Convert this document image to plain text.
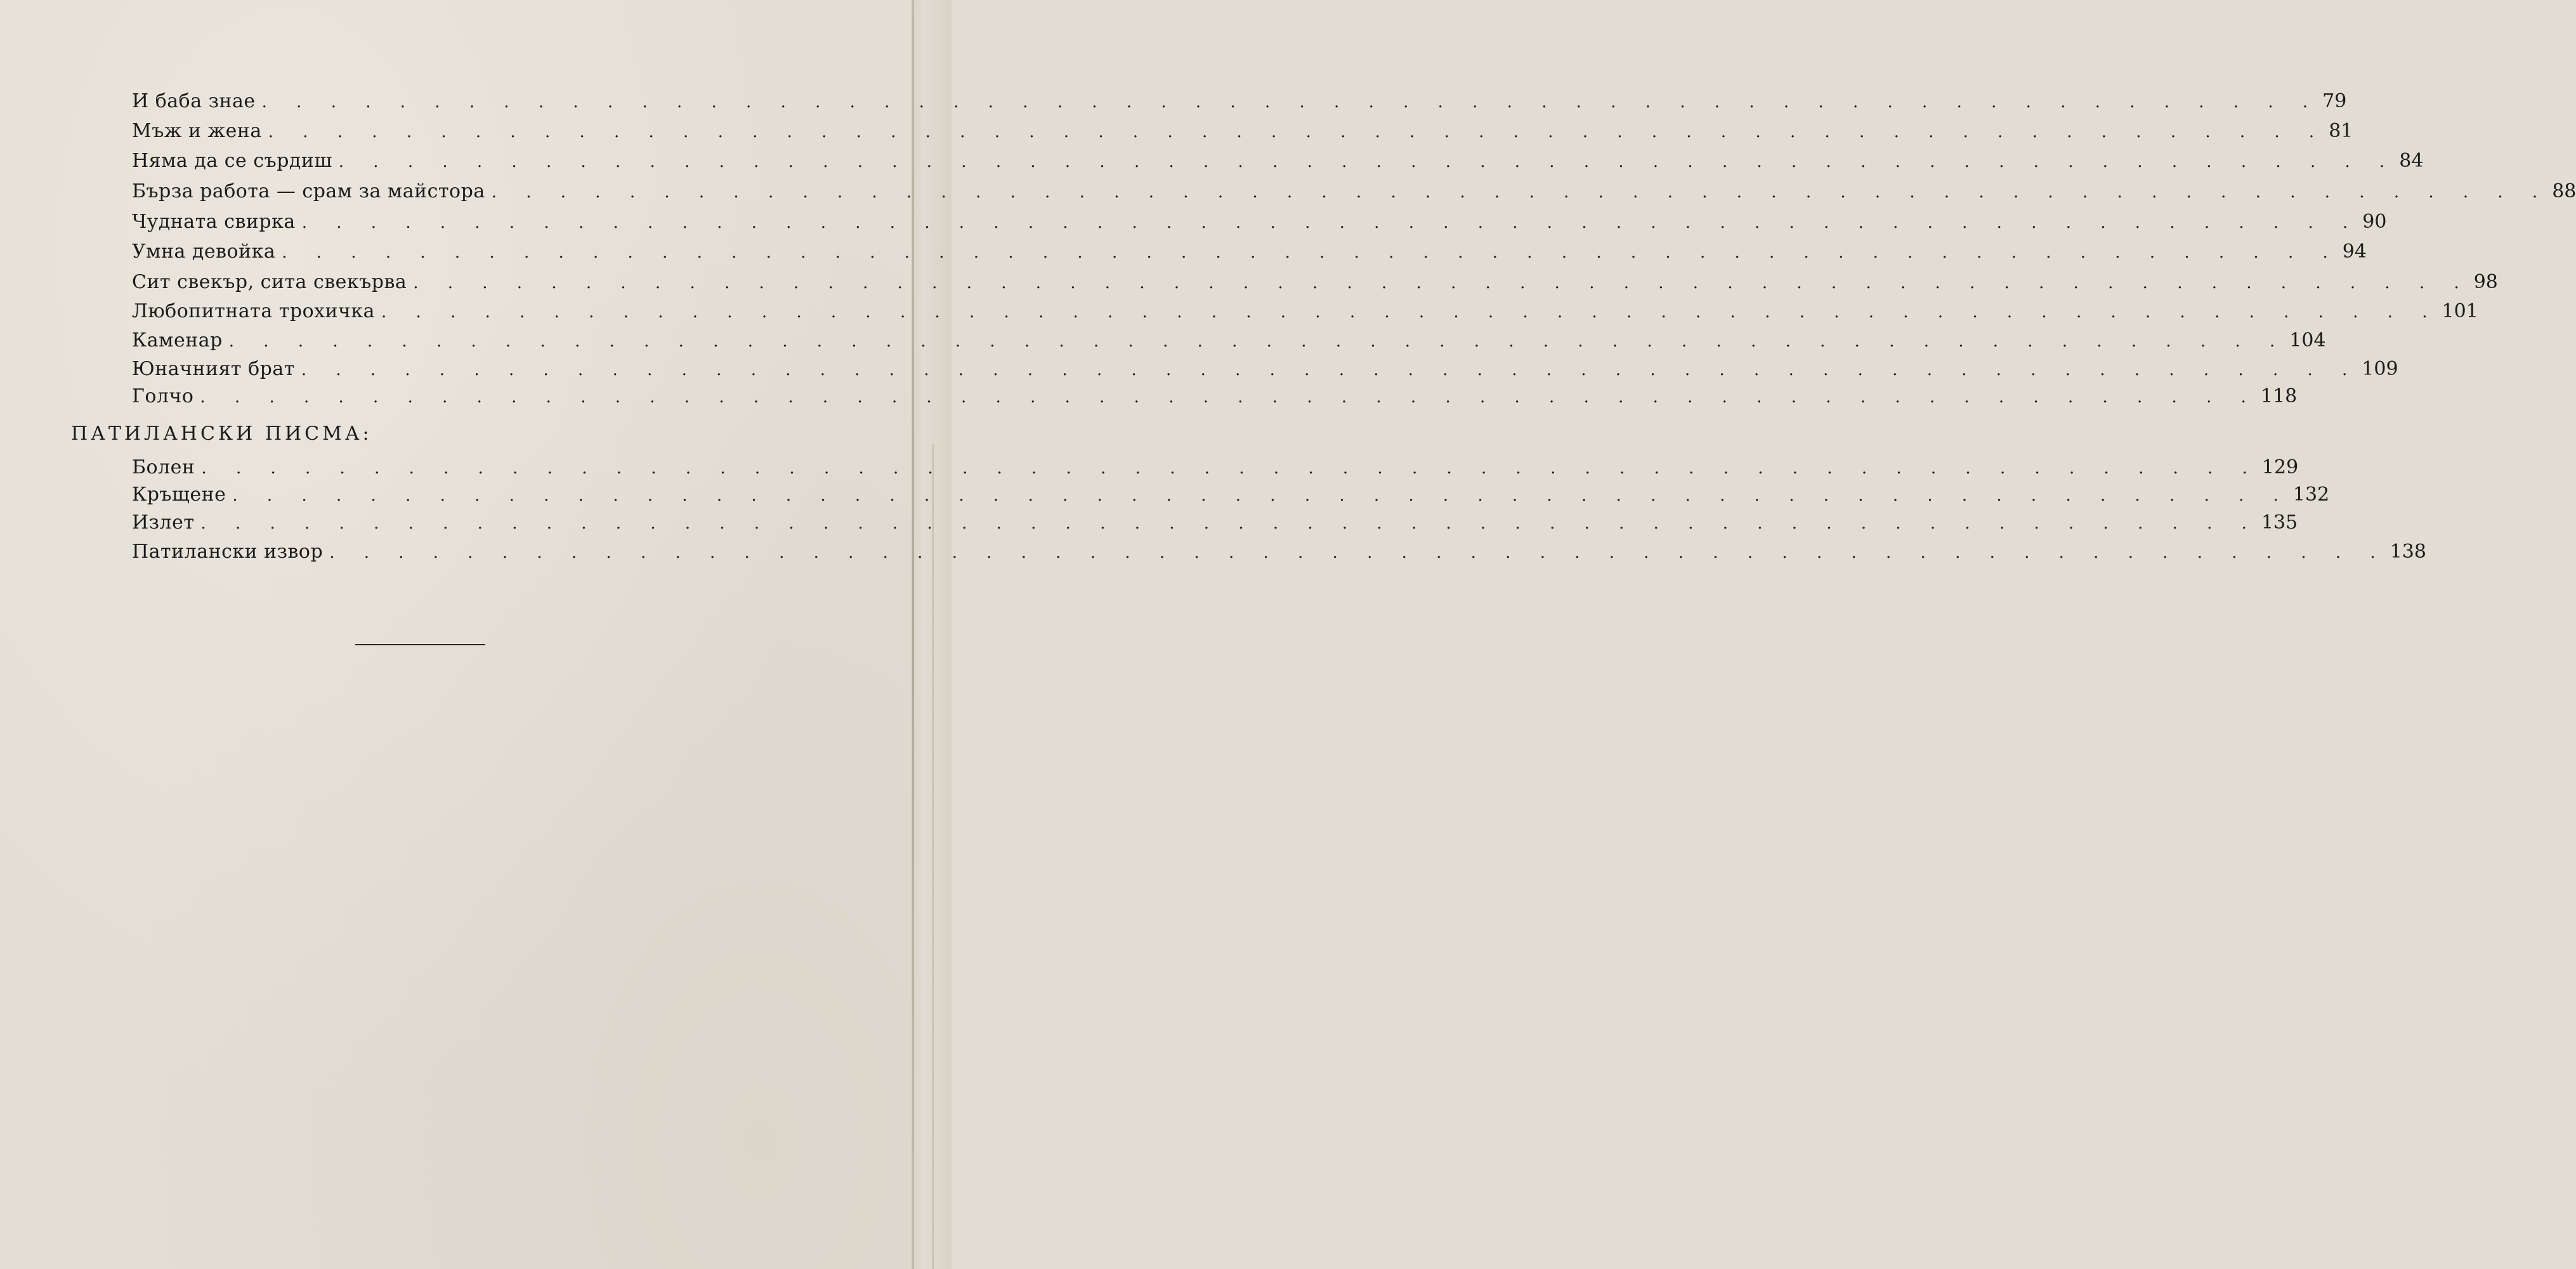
И баба знае . . . . . . . . . . . . . . . . . . . . . . . . . . . . . . . . . . . . . . . . . . . . . . . . . . . . . . . . . . . . 79
Мъж и жена . . . . . . . . . . . . . . . . . . . . . . . . . . . . . . . . . . . . . . . . . . . . . . . . . . . . . . . . . . . . 81
Няма да се сърдиш . . . . . . . . . . . . . . . . . . . . . . . . . . . . . . . . . . . . . . . . . . . . . . . . . . . . . . . . . . . . 84
Бърза работа — срам за майстора . . . . . . . . . . . . . . . . . . . . . . . . . . . . . . . . . . . . . . . . . . . . . . . . . . . . . . . . . . . . 88
Чудната свирка . . . . . . . . . . . . . . . . . . . . . . . . . . . . . . . . . . . . . . . . . . . . . . . . . . . . . . . . . . . . 90
Умна девойка . . . . . . . . . . . . . . . . . . . . . . . . . . . . . . . . . . . . . . . . . . . . . . . . . . . . . . . . . . . . 94
Сит свекър, сита свекърва . . . . . . . . . . . . . . . . . . . . . . . . . . . . . . . . . . . . . . . . . . . . . . . . . . . . . . . . . . . . 98
Любопитната трохичка . . . . . . . . . . . . . . . . . . . . . . . . . . . . . . . . . . . . . . . . . . . . . . . . . . . . . . . . . . . . 101
Каменар . . . . . . . . . . . . . . . . . . . . . . . . . . . . . . . . . . . . . . . . . . . . . . . . . . . . . . . . . . . . 104
Юначният брат . . . . . . . . . . . . . . . . . . . . . . . . . . . . . . . . . . . . . . . . . . . . . . . . . . . . . . . . . . . . 109
Голчо . . . . . . . . . . . . . . . . . . . . . . . . . . . . . . . . . . . . . . . . . . . . . . . . . . . . . . . . . . . . 118
ПАТИЛАНСКИ ПИСМА:
Болен . . . . . . . . . . . . . . . . . . . . . . . . . . . . . . . . . . . . . . . . . . . . . . . . . . . . . . . . . . . . 129
Кръщене . . . . . . . . . . . . . . . . . . . . . . . . . . . . . . . . . . . . . . . . . . . . . . . . . . . . . . . . . . . . 132
Излет . . . . . . . . . . . . . . . . . . . . . . . . . . . . . . . . . . . . . . . . . . . . . . . . . . . . . . . . . . . . 135
Патилански извор . . . . . . . . . . . . . . . . . . . . . . . . . . . . . . . . . . . . . . . . . . . . . . . . . . . . . . . . . . . . 138
